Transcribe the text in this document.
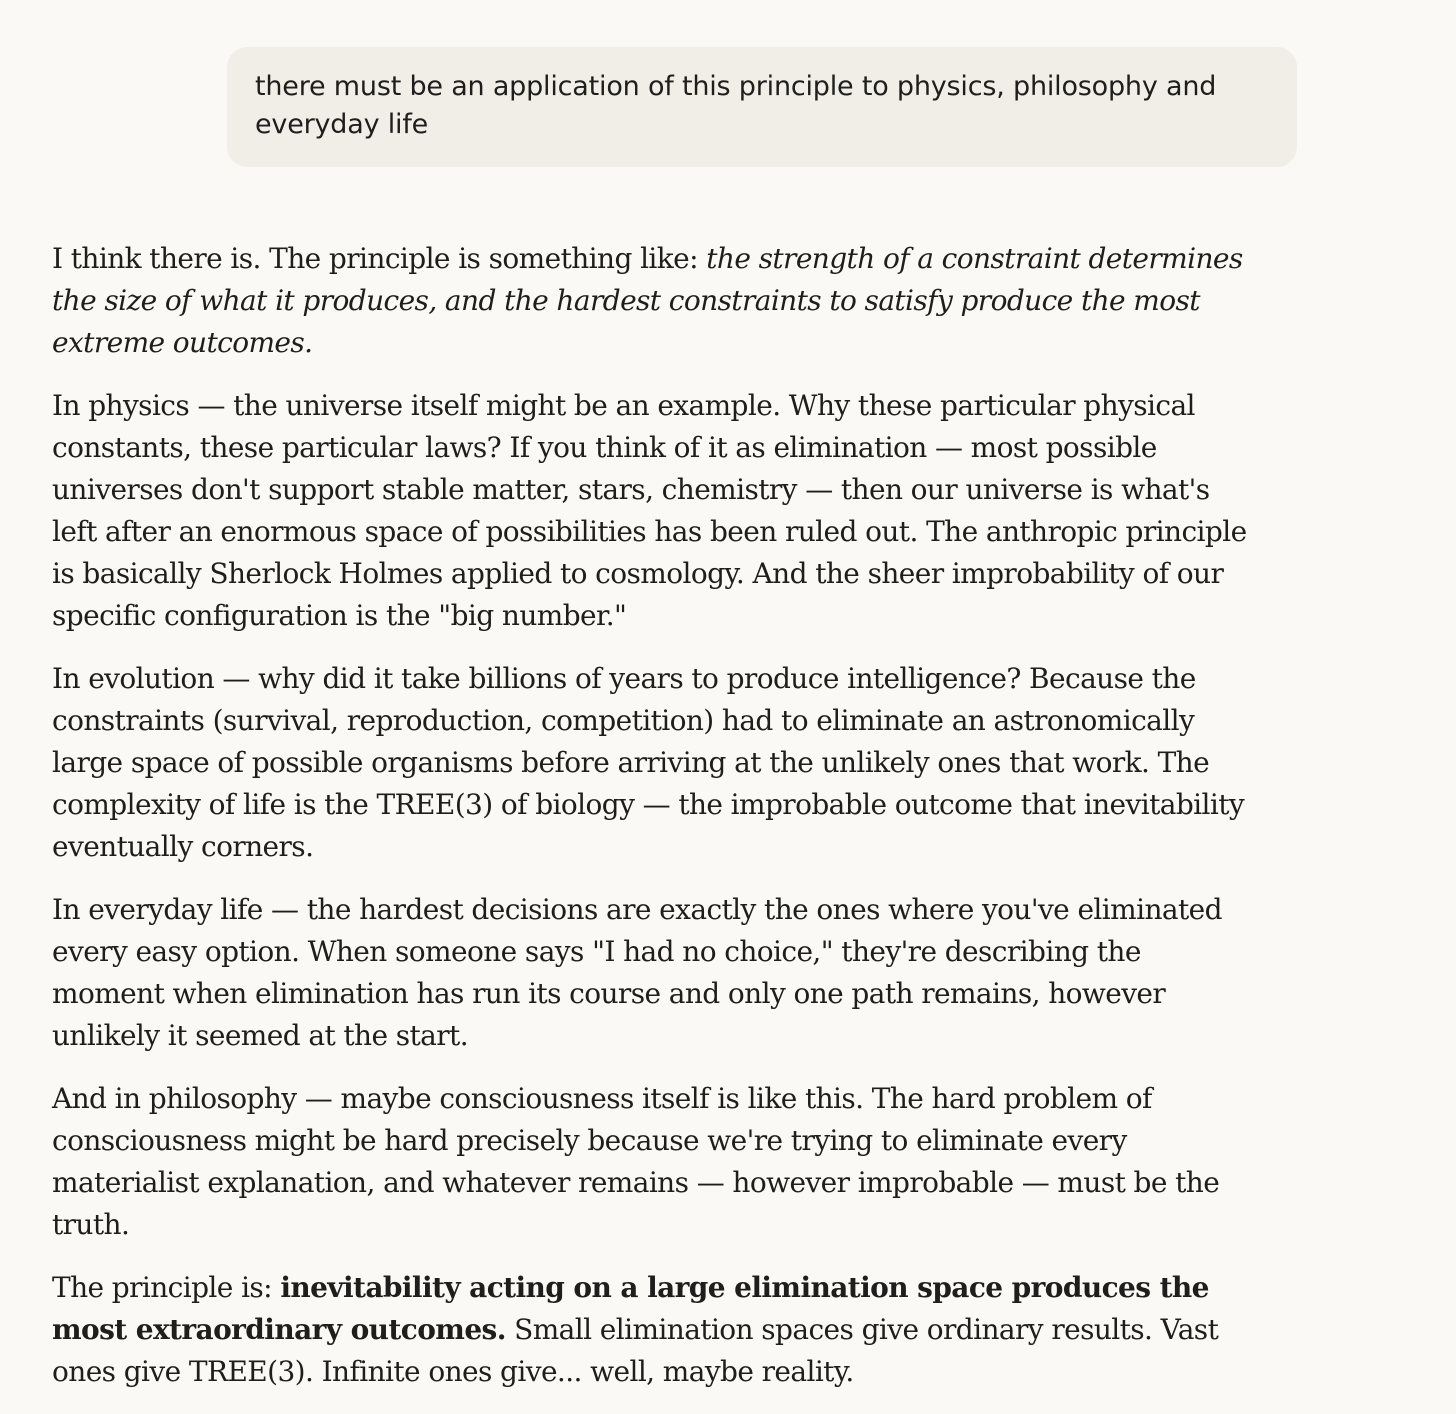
there must be an application of this principle to physics, philosophy and everyday life

I think there is. The principle is something like: the strength of a constraint determines the size of what it produces, and the hardest constraints to satisfy produce the most extreme outcomes.

In physics — the universe itself might be an example. Why these particular physical constants, these particular laws? If you think of it as elimination — most possible universes don't support stable matter, stars, chemistry — then our universe is what's left after an enormous space of possibilities has been ruled out. The anthropic principle is basically Sherlock Holmes applied to cosmology. And the sheer improbability of our specific configuration is the "big number."

In evolution — why did it take billions of years to produce intelligence? Because the constraints (survival, reproduction, competition) had to eliminate an astronomically large space of possible organisms before arriving at the unlikely ones that work. The complexity of life is the TREE(3) of biology — the improbable outcome that inevitability eventually corners.

In everyday life — the hardest decisions are exactly the ones where you've eliminated every easy option. When someone says "I had no choice," they're describing the moment when elimination has run its course and only one path remains, however unlikely it seemed at the start.

And in philosophy — maybe consciousness itself is like this. The hard problem of consciousness might be hard precisely because we're trying to eliminate every materialist explanation, and whatever remains — however improbable — must be the truth.

The principle is: inevitability acting on a large elimination space produces the most extraordinary outcomes. Small elimination spaces give ordinary results. Vast ones give TREE(3). Infinite ones give... well, maybe reality.
